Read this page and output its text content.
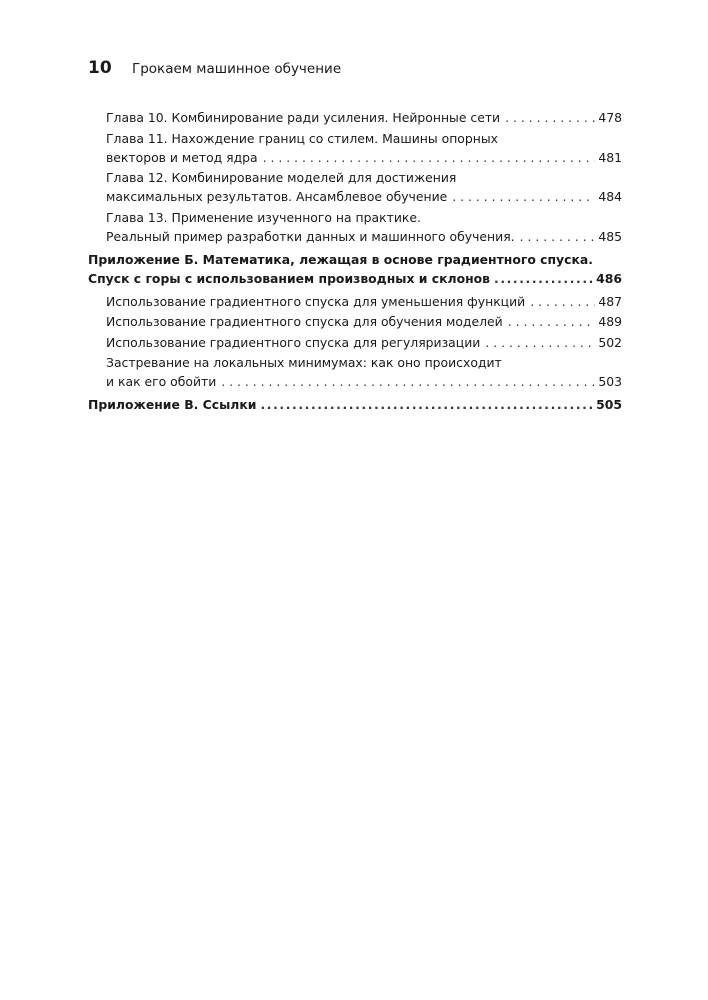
10	Грокаем машинное обучение
Глава 10. Комбинирование ради усиления. Нейронные сети . . .	478
Глава 11. Нахождение границ со стилем. Машины опорных
векторов и метод ядра . . .	481
Глава 12. Комбинирование моделей для достижения
максимальных результатов. Ансамблевое обучение . . .	484
Глава 13. Применение изученного на практике.
Реальный пример разработки данных и машинного обучения. . . .	485
Приложение Б. Математика, лежащая в основе градиентного спуска.
Спуск с горы с использованием производных и склонов .....	486
Использование градиентного спуска для уменьшения функций . . .	487
Использование градиентного спуска для обучения моделей . . .	489
Использование градиентного спуска для регуляризации . . .	502
Застревание на локальных минимумах: как оно происходит
и как его обойти . . .	503
Приложение В. Ссылки .....	505
